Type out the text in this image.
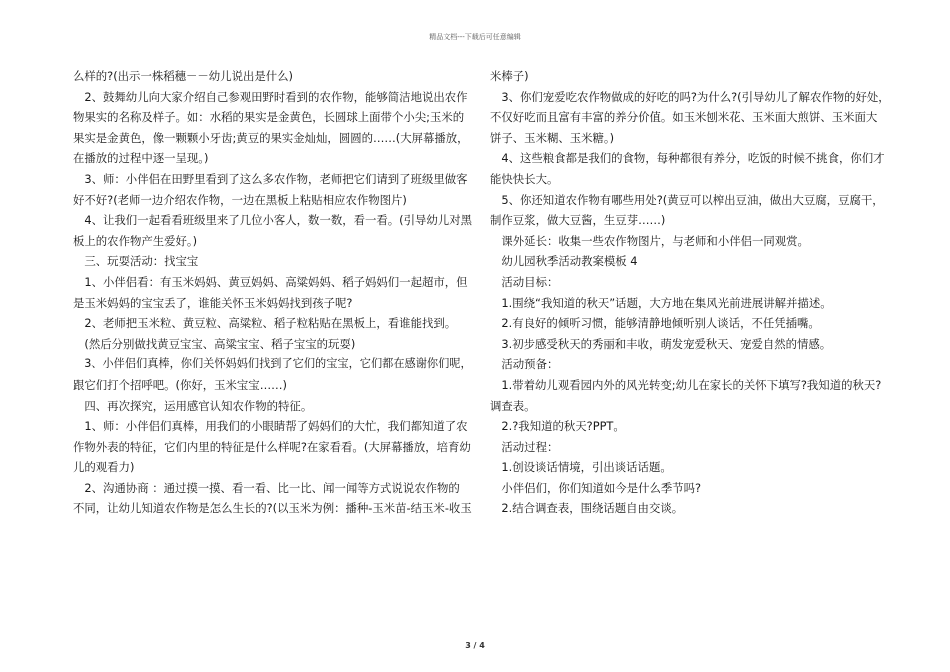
精品文档---下载后可任意编辑
么样的?(出示一株稻穗－－幼儿说出是什么)
　2、鼓舞幼儿向大家介绍自己参观田野时看到的农作物，能够简洁地说出农作
物果实的名称及样子。如：水稻的果实是金黄色，长圆球上面带个小尖;玉米的
果实是金黄色，像一颗颗小牙齿;黄豆的果实金灿灿，圆圆的……(大屏幕播放，
在播放的过程中逐一呈现。)
　3、师：小伴侣在田野里看到了这么多农作物，老师把它们请到了班级里做客
好不好?(老师一边介绍农作物，一边在黑板上粘贴相应农作物图片)
　4、让我们一起看看班级里来了几位小客人，数一数，看一看。(引导幼儿对黑
板上的农作物产生爱好。)
　三、玩耍活动：找宝宝
　1、小伴侣看：有玉米妈妈、黄豆妈妈、高粱妈妈、稻子妈妈们一起超市，但
是玉米妈妈的宝宝丢了，谁能关怀玉米妈妈找到孩子呢?
　2、老师把玉米粒、黄豆粒、高粱粒、稻子粒粘贴在黑板上，看谁能找到。
　(然后分别做找黄豆宝宝、高粱宝宝、稻子宝宝的玩耍)
　3、小伴侣们真棒，你们关怀妈妈们找到了它们的宝宝，它们都在感谢你们呢，
跟它们打个招呼吧。(你好，玉米宝宝……)
　四、再次探究，运用感官认知农作物的特征。
　1、师：小伴侣们真棒，用我们的小眼睛帮了妈妈们的大忙，我们都知道了农
作物外表的特征，它们内里的特征是什么样呢?在家看看。(大屏幕播放，培育幼
儿的观看力)
　2、沟通协商 ：通过摸一摸、看一看、比一比、闻一闻等方式说说农作物的
不同，让幼儿知道农作物是怎么生长的?(以玉米为例：播种-玉米苗-结玉米-收玉
米棒子)
　3、你们宠爱吃农作物做成的好吃的吗?为什么?(引导幼儿了解农作物的好处，
不仅好吃而且富有丰富的养分价值。如玉米刨米花、玉米面大煎饼、玉米面大
饼子、玉米糊、玉米糖。)
　4、这些粮食都是我们的食物，每种都很有养分，吃饭的时候不挑食，你们才
能快快长大。
　5、你还知道农作物有哪些用处?(黄豆可以榨出豆油，做出大豆腐，豆腐干，
制作豆浆，做大豆酱，生豆芽……)
　课外延长：收集一些农作物图片，与老师和小伴侣一同观赏。
　幼儿园秋季活动教案模板 4
　活动目标：
　1.围绕“我知道的秋天”话题，大方地在集风光前进展讲解并描述。
　2.有良好的倾听习惯，能够清静地倾听别人谈话，不任凭插嘴。
　3.初步感受秋天的秀丽和丰收，萌发宠爱秋天、宠爱自然的情感。
　活动预备：
　1.带着幼儿观看园内外的风光转变;幼儿在家长的关怀下填写?我知道的秋天?
调查表。
　2.?我知道的秋天?PPT。
　活动过程：
　1.创设谈话情境，引出谈话话题。
　小伴侣们，你们知道如今是什么季节吗?
　2.结合调查表，围绕话题自由交谈。
3 / 4
